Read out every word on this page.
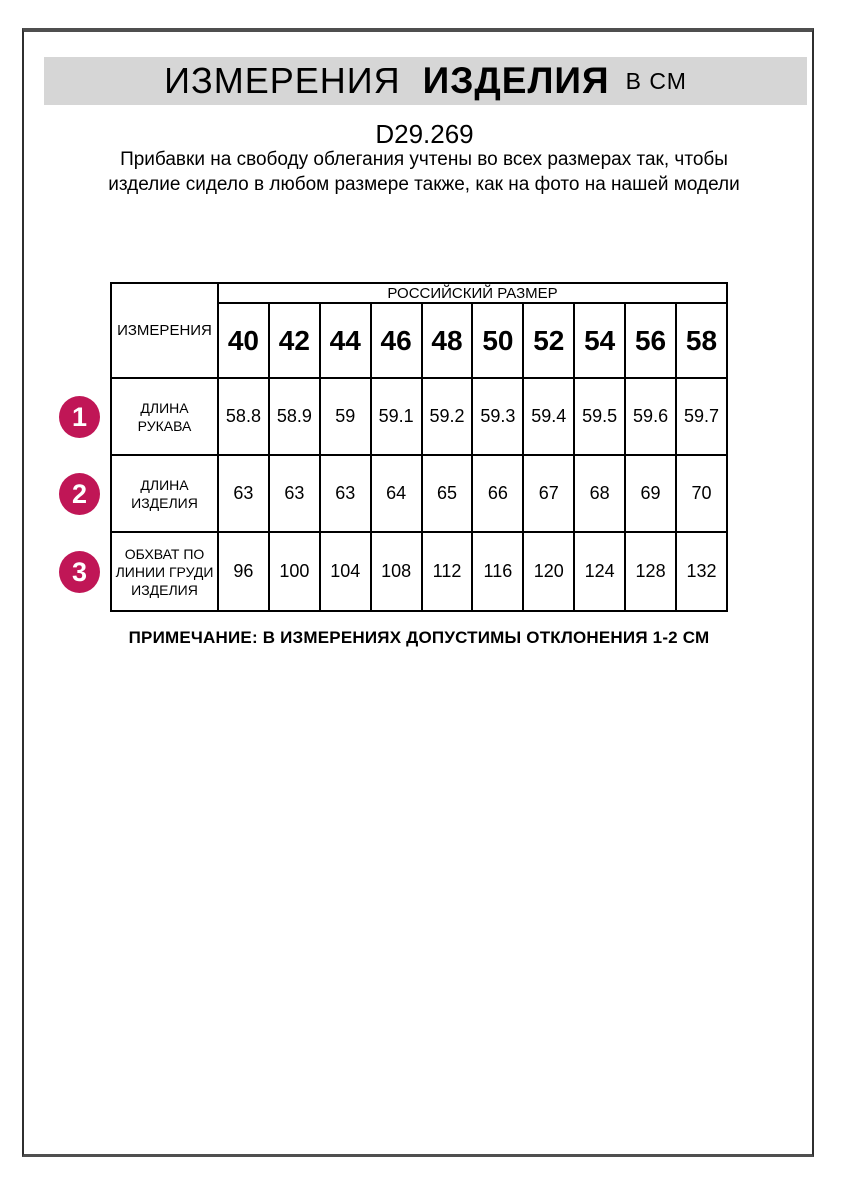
ИЗМЕРЕНИЯ ИЗДЕЛИЯ В СМ
D29.269
Прибавки на свободу облегания учтены во всех размерах так, чтобы изделие сидело в любом размере также, как на фото на нашей модели
ИЗМЕРЕНИЯ	РОССИЙСКИЙ РАЗМЕР									
	40	42	44	46	48	50	52	54	56	58

1 ДЛИНА РУКАВА	58.8	58.9	59	59.1	59.2	59.3	59.4	59.5	59.6	59.7

2 ДЛИНА ИЗДЕЛИЯ	63	63	63	64	65	66	67	68	69	70

3
ОБХВАТ ПО ЛИНИИ ГРУДИ ИЗДЕЛИЯ	96	100	104	108	112	116	120	124	128	132
ПРИМЕЧАНИЕ: В ИЗМЕРЕНИЯХ ДОПУСТИМЫ ОТКЛОНЕНИЯ 1-2 СМ
